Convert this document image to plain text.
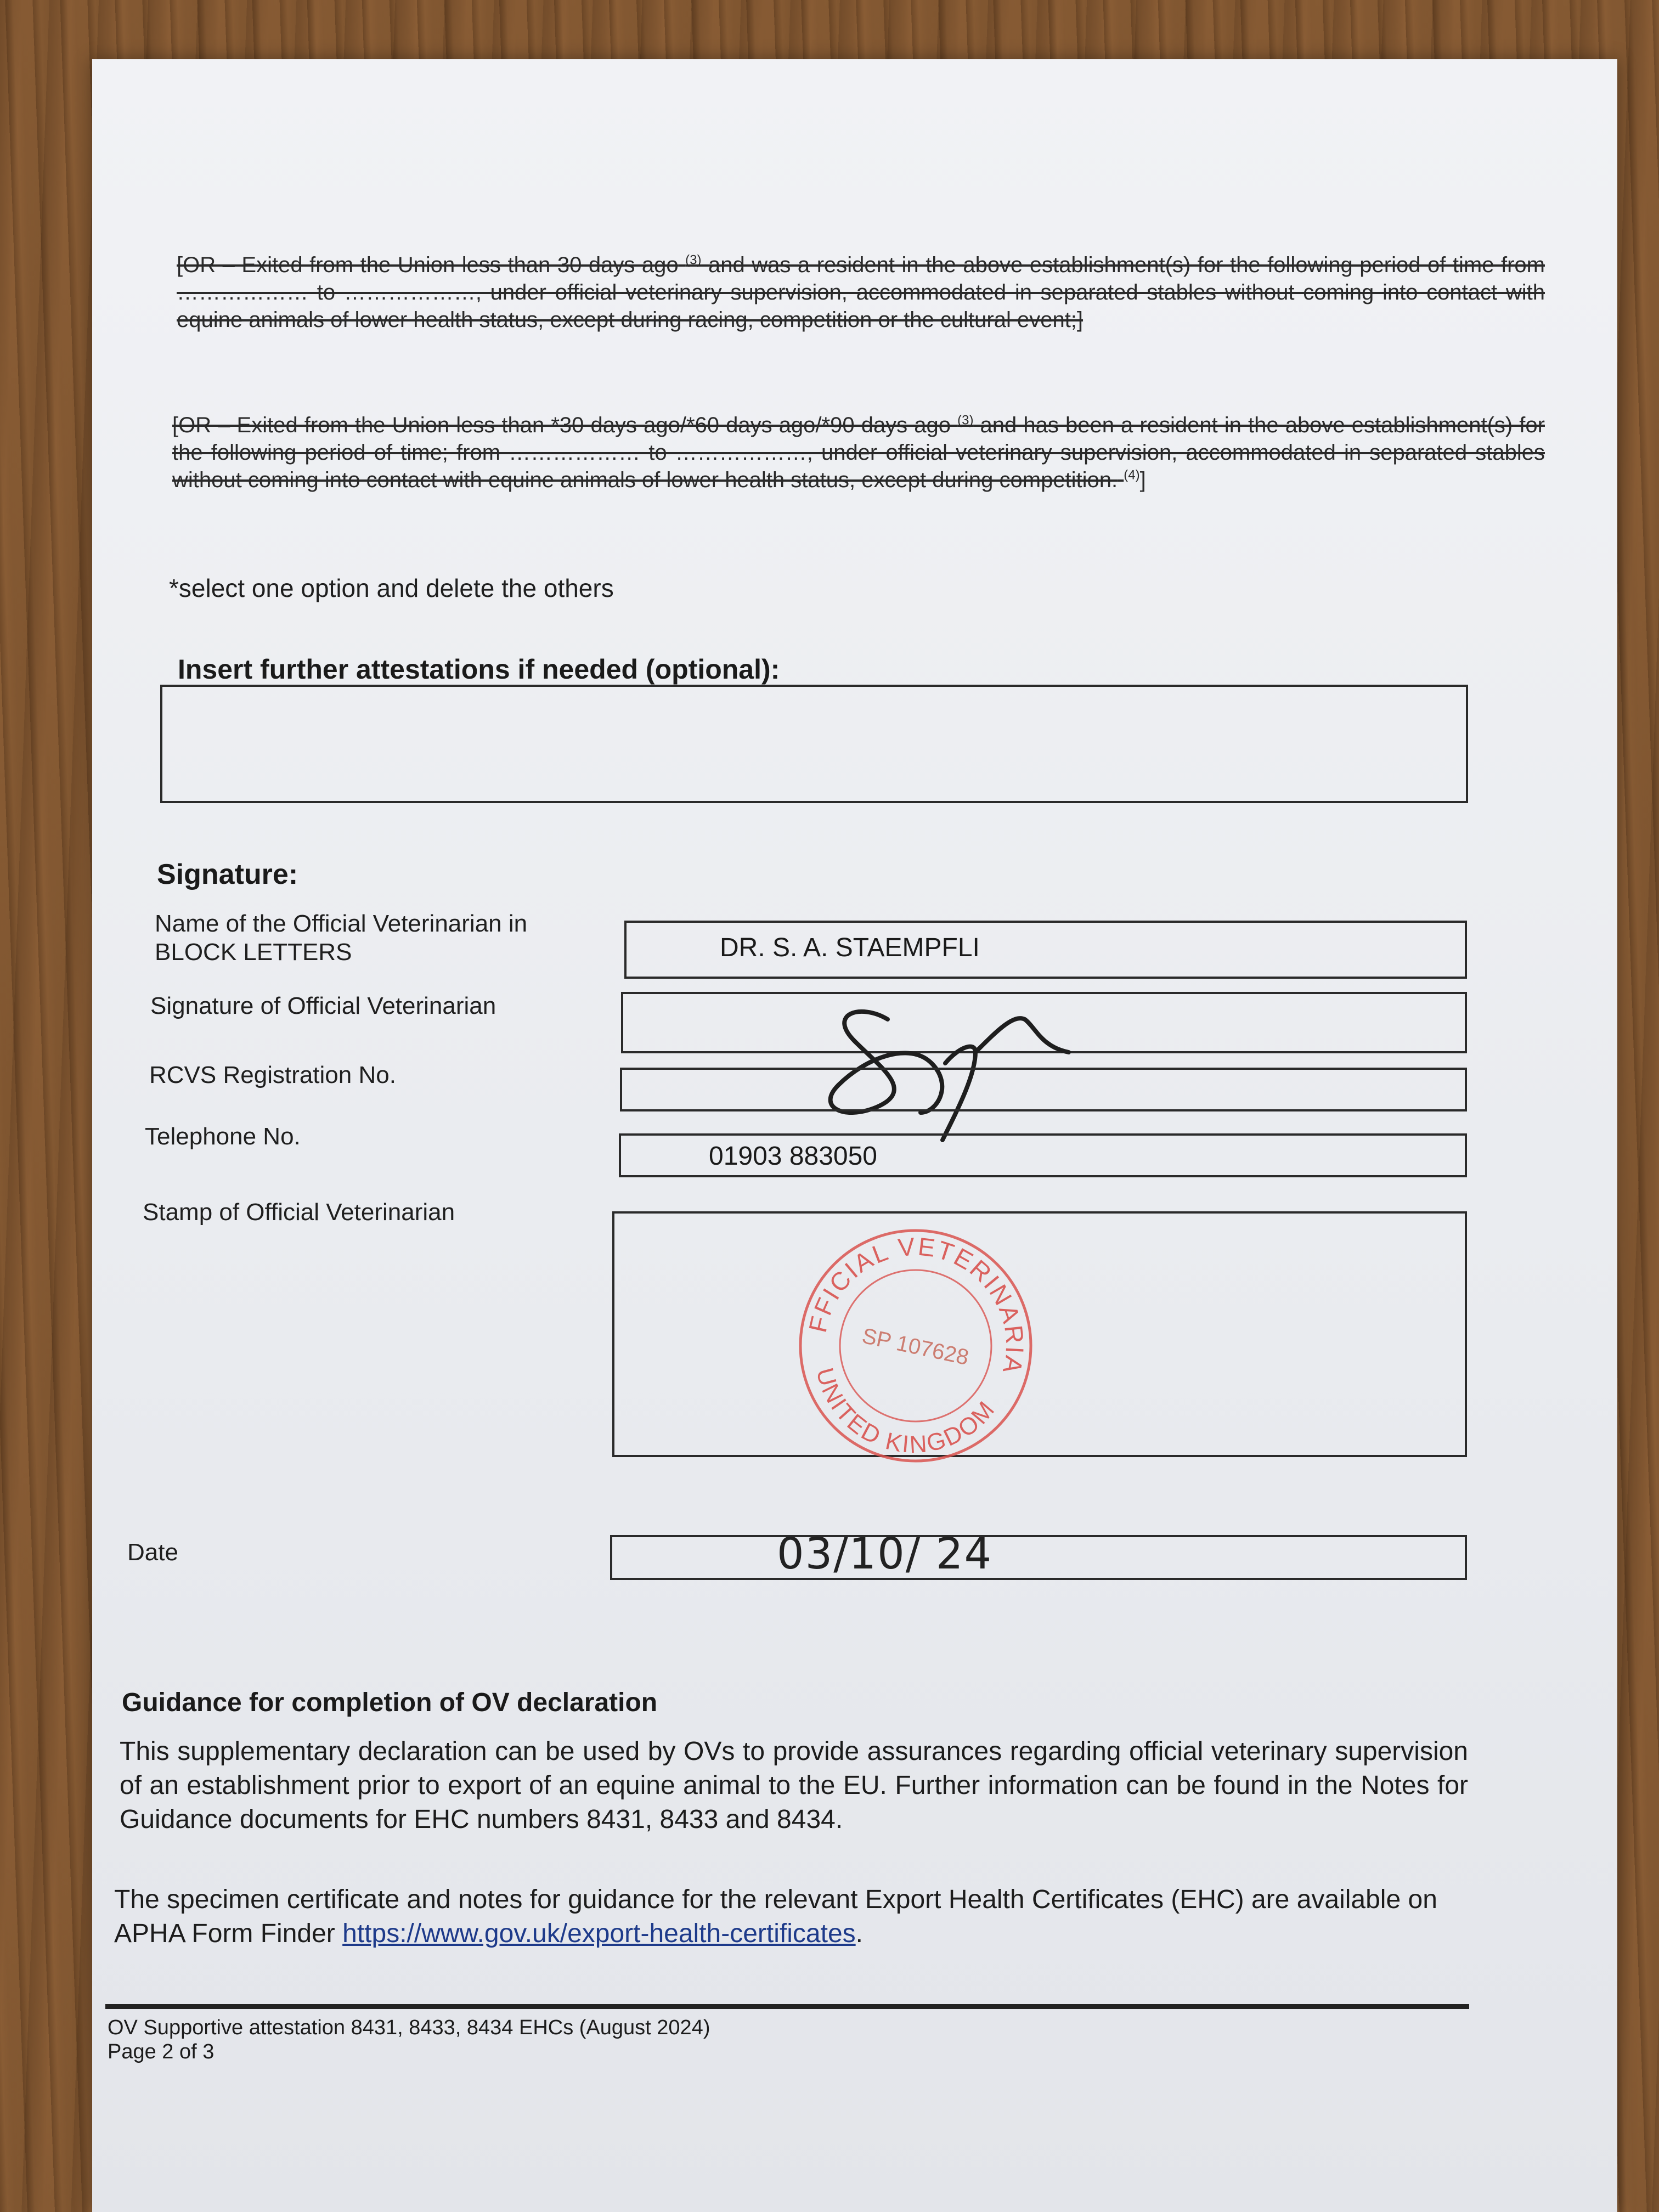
[OR – Exited from the Union less than 30 days ago $^{(3)}$ and was a resident in the above establishment(s) for the following period of time from ……………… to ………………, under official veterinary supervision, accommodated in separated stables without coming into contact with equine animals of lower health status, except during racing, competition or the cultural event;]

[OR – Exited from the Union less than *30 days ago/*60 days ago/*90 days ago $^{(3)}$ and has been a resident in the above establishment(s) for the following period of time; from ……………… to ………………, under official veterinary supervision, accommodated in separated stables without coming into contact with equine animals of lower health status, except during competition. $^{(4)}$]

*select one option and delete the others
Insert further attestations if needed (optional):
Signature:
Name of the Official Veterinarian in
BLOCK LETTERS	DR. S. A. STAEMPFLI
Signature of Official Veterinarian
RCVS Registration No.
Telephone No.
01903 883050
Stamp of Official Veterinarian
OFFICIAL VETERINARIAN
UNITED KINGDOM
SP 107628
Date	03/10/ 24
Guidance for completion of OV declaration
This supplementary declaration can be used by OVs to provide assurances regarding official veterinary supervision of an establishment prior to export of an equine animal to the EU. Further information can be found in the Notes for Guidance documents for EHC numbers 8431, 8433 and 8434.
The specimen certificate and notes for guidance for the relevant Export Health Certificates (EHC) are available on APHA Form Finder https://www.gov.uk/export-health-certificates.
OV Supportive attestation 8431, 8433, 8434 EHCs (August 2024)
Page 2 of 3
